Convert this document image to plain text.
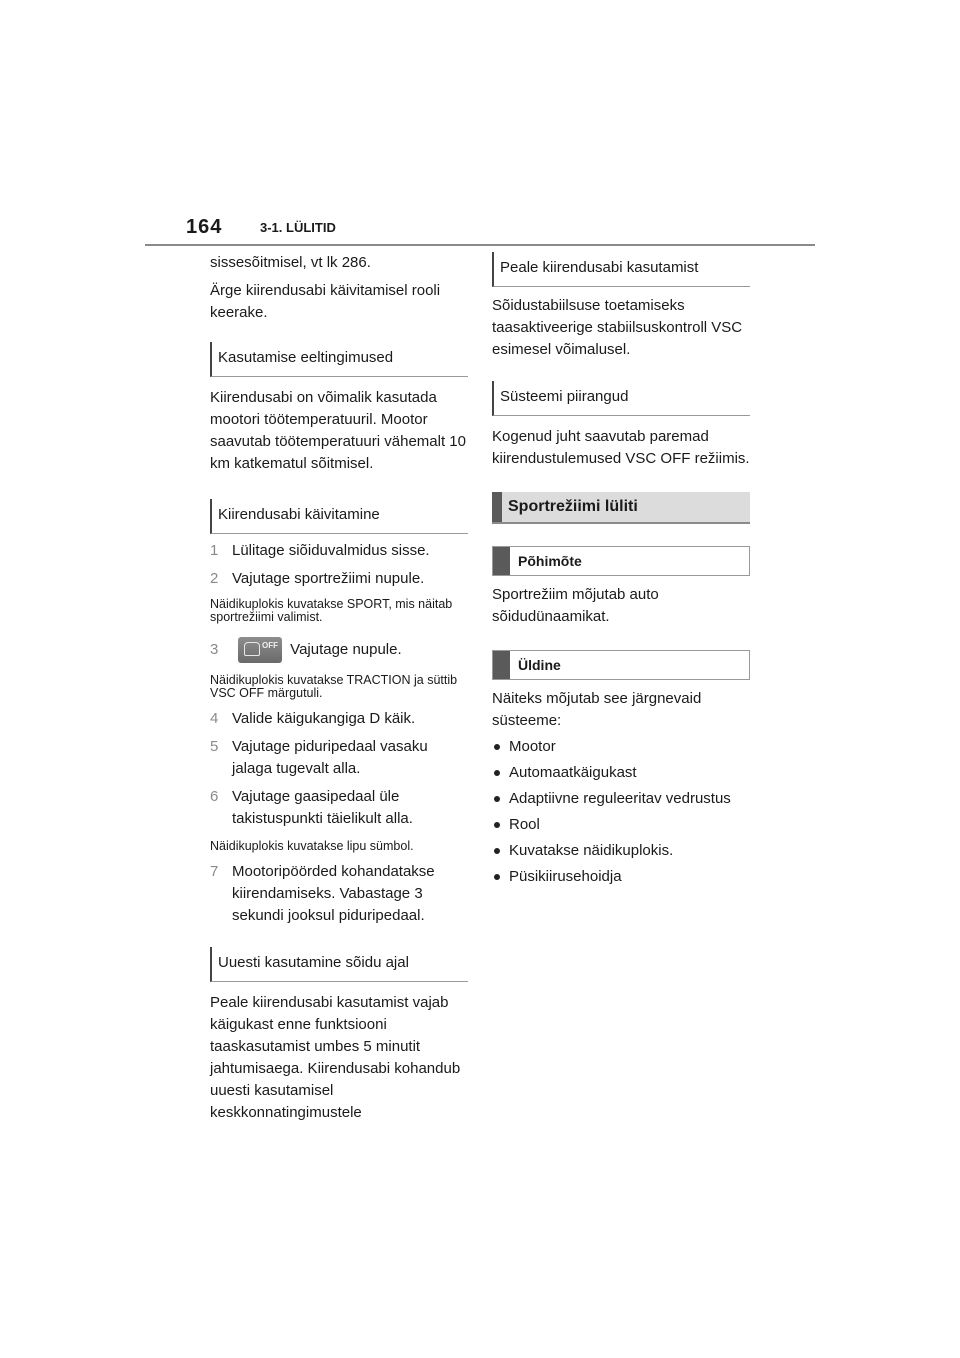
164	3-1. LÜLITID

sissesõitmisel, vt lk 286.

Ärge kiirendusabi käivitamisel rooli keerake.

Kasutamise eeltingimused

Kiirendusabi on võimalik kasutada mootori töötemperatuuril. Mootor saavutab töötemperatuuri vähemalt 10 km katkematul sõitmisel.

Kiirendusabi käivitamine
1 Lülitage siõiduvalmidus sisse.
2 Vajutage sportrežiimi nupule.

Näidikuplokis kuvatakse SPORT, mis näitab sportrežiimi valimist.

3	OFF Vajutage nupule.

Näidikuplokis kuvatakse TRACTION ja süttib VSC OFF märgutuli.

4 Valide käigukangiga D käik.
5 Vajutage piduripedaal vasaku jalaga tugevalt alla.
6 Vajutage gaasipedaal üle takistuspunkti täielikult alla.

Näidikuplokis kuvatakse lipu sümbol.

7 Mootoripöörded kohandatakse kiirendamiseks. Vabastage 3 sekundi jooksul piduripedaal.
Uuesti kasutamine sõidu ajal

Peale kiirendusabi kasutamist vajab käigukast enne funktsiooni taaskasutamist umbes 5 minutit jahtumisaega. Kiirendusabi kohandub uuesti kasutamisel keskkonnatingimustele

Peale kiirendusabi kasutamist

Sõidustabiilsuse toetamiseks taasaktiveerige stabiilsuskontroll VSC esimesel võimalusel.

Süsteemi piirangud

Kogenud juht saavutab paremad kiirendustulemused VSC OFF režiimis.

Sportrežiimi lüliti
Põhimõte

Sportrežiim mõjutab auto sõidudünaamikat.

Üldine

Näiteks mõjutab see järgnevaid süsteeme:

Mootor
Automaatkäigukast
Adaptiivne reguleeritav vedrustus
Rool
Kuvatakse näidikuplokis.
Püsikiirusehoidja
